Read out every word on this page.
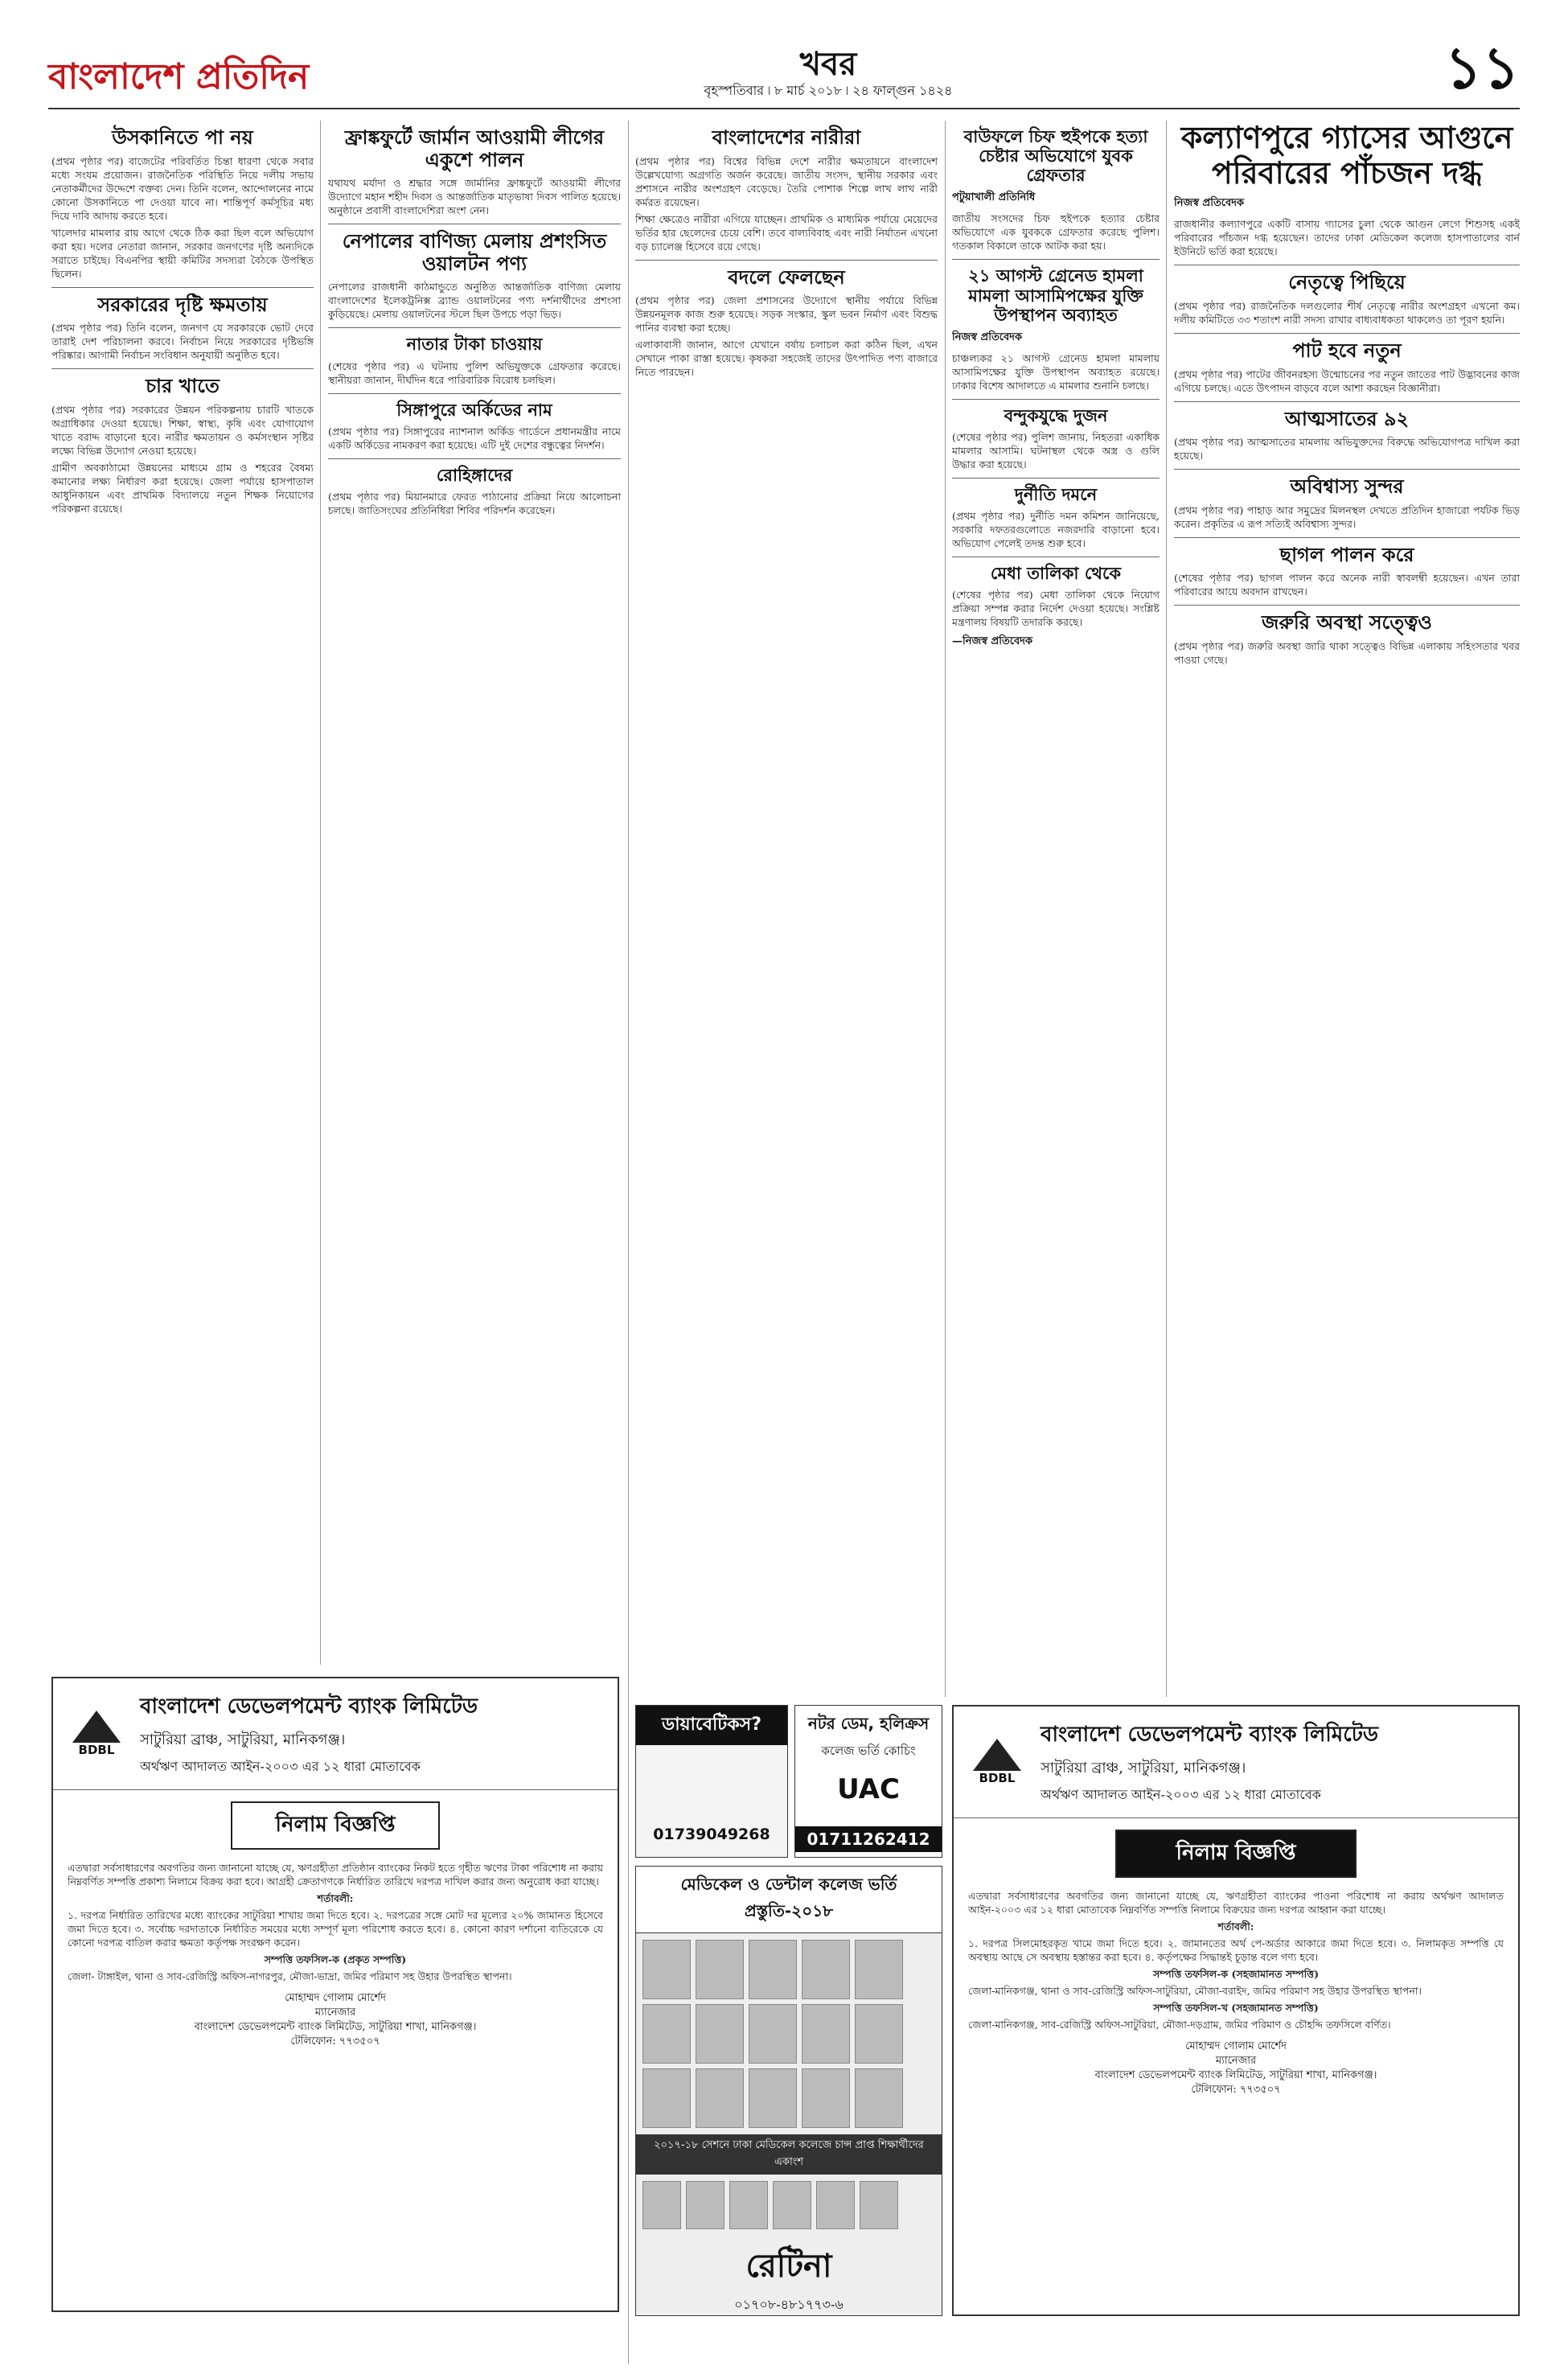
বাংলাদেশ প্রতিদিন	খবর
বৃহস্পতিবার ৷ ৮ মার্চ ২০১৮ ৷ ২৪ ফাল্গুন ১৪২৪	১১
উসকানিতে পা নয়

(প্রথম পৃষ্ঠার পর) বাজেটের পরিবর্তিত চিন্তা ধারণা থেকে সবার মধ্যে সংযম প্রয়োজন। রাজনৈতিক পরিস্থিতি নিয়ে দলীয় সভায় নেতাকর্মীদের উদ্দেশে বক্তব্য দেন। তিনি বলেন, আন্দোলনের নামে কোনো উসকানিতে পা দেওয়া যাবে না। শান্তিপূর্ণ কর্মসূচির মধ্য দিয়ে দাবি আদায় করতে হবে।

খালেদার মামলার রায় আগে থেকে ঠিক করা ছিল বলে অভিযোগ করা হয়। দলের নেতারা জানান, সরকার জনগণের দৃষ্টি অন্যদিকে সরাতে চাইছে। বিএনপির স্থায়ী কমিটির সদস্যরা বৈঠকে উপস্থিত ছিলেন।

সরকারের দৃষ্টি ক্ষমতায়

(প্রথম পৃষ্ঠার পর) তিনি বলেন, জনগণ যে সরকারকে ভোট দেবে তারাই দেশ পরিচালনা করবে। নির্বাচন নিয়ে সরকারের দৃষ্টিভঙ্গি পরিষ্কার। আগামী নির্বাচন সংবিধান অনুযায়ী অনুষ্ঠিত হবে।

চার খাতে

(প্রথম পৃষ্ঠার পর) সরকারের উন্নয়ন পরিকল্পনায় চারটি খাতকে অগ্রাধিকার দেওয়া হয়েছে। শিক্ষা, স্বাস্থ্য, কৃষি এবং যোগাযোগ খাতে বরাদ্দ বাড়ানো হবে। নারীর ক্ষমতায়ন ও কর্মসংস্থান সৃষ্টির লক্ষ্যে বিভিন্ন উদ্যোগ নেওয়া হয়েছে।

গ্রামীণ অবকাঠামো উন্নয়নের মাধ্যমে গ্রাম ও শহরের বৈষম্য কমানোর লক্ষ্য নির্ধারণ করা হয়েছে। জেলা পর্যায়ে হাসপাতাল আধুনিকায়ন এবং প্রাথমিক বিদ্যালয়ে নতুন শিক্ষক নিয়োগের পরিকল্পনা রয়েছে।

ফ্রাঙ্কফুর্টে জার্মান আওয়ামী লীগের একুশে পালন

যথাযথ মর্যাদা ও শ্রদ্ধার সঙ্গে জার্মানির ফ্রাঙ্কফুর্টে আওয়ামী লীগের উদ্যোগে মহান শহীদ দিবস ও আন্তর্জাতিক মাতৃভাষা দিবস পালিত হয়েছে। অনুষ্ঠানে প্রবাসী বাংলাদেশিরা অংশ নেন।

নেপালের বাণিজ্য মেলায় প্রশংসিত ওয়ালটন পণ্য

নেপালের রাজধানী কাঠমান্ডুতে অনুষ্ঠিত আন্তর্জাতিক বাণিজ্য মেলায় বাংলাদেশের ইলেকট্রনিক্স ব্র্যান্ড ওয়ালটনের পণ্য দর্শনার্থীদের প্রশংসা কুড়িয়েছে। মেলায় ওয়ালটনের স্টলে ছিল উপচে পড়া ভিড়।

নাতার টাকা চাওয়ায়

(শেষের পৃষ্ঠার পর) এ ঘটনায় পুলিশ অভিযুক্তকে গ্রেফতার করেছে। স্থানীয়রা জানান, দীর্ঘদিন ধরে পারিবারিক বিরোধ চলছিল।

সিঙ্গাপুরে অর্কিডের নাম

(প্রথম পৃষ্ঠার পর) সিঙ্গাপুরের ন্যাশনাল অর্কিড গার্ডেনে প্রধানমন্ত্রীর নামে একটি অর্কিডের নামকরণ করা হয়েছে। এটি দুই দেশের বন্ধুত্বের নিদর্শন।

রোহিঙ্গাদের

(প্রথম পৃষ্ঠার পর) মিয়ানমারে ফেরত পাঠানোর প্রক্রিয়া নিয়ে আলোচনা চলছে। জাতিসংঘের প্রতিনিধিরা শিবির পরিদর্শন করেছেন।

বাংলাদেশের নারীরা

(প্রথম পৃষ্ঠার পর) বিশ্বের বিভিন্ন দেশে নারীর ক্ষমতায়নে বাংলাদেশ উল্লেখযোগ্য অগ্রগতি অর্জন করেছে। জাতীয় সংসদ, স্থানীয় সরকার এবং প্রশাসনে নারীর অংশগ্রহণ বেড়েছে। তৈরি পোশাক শিল্পে লাখ লাখ নারী কর্মরত রয়েছেন।

শিক্ষা ক্ষেত্রেও নারীরা এগিয়ে যাচ্ছেন। প্রাথমিক ও মাধ্যমিক পর্যায়ে মেয়েদের ভর্তির হার ছেলেদের চেয়ে বেশি। তবে বাল্যবিবাহ এবং নারী নির্যাতন এখনো বড় চ্যালেঞ্জ হিসেবে রয়ে গেছে।

বদলে ফেলছেন

(প্রথম পৃষ্ঠার পর) জেলা প্রশাসনের উদ্যোগে স্থানীয় পর্যায়ে বিভিন্ন উন্নয়নমূলক কাজ শুরু হয়েছে। সড়ক সংস্কার, স্কুল ভবন নির্মাণ এবং বিশুদ্ধ পানির ব্যবস্থা করা হচ্ছে।

এলাকাবাসী জানান, আগে যেখানে বর্ষায় চলাচল করা কঠিন ছিল, এখন সেখানে পাকা রাস্তা হয়েছে। কৃষকরা সহজেই তাদের উৎপাদিত পণ্য বাজারে নিতে পারছেন।

বাউফলে চিফ হুইপকে হত্যা চেষ্টার অভিযোগে যুবক গ্রেফতার
পটুয়াখালী প্রতিনিধি

জাতীয় সংসদের চিফ হুইপকে হত্যার চেষ্টার অভিযোগে এক যুবককে গ্রেফতার করেছে পুলিশ। গতকাল বিকালে তাকে আটক করা হয়।

২১ আগস্ট গ্রেনেড হামলা মামলা আসামিপক্ষের যুক্তি উপস্থাপন অব্যাহত
নিজস্ব প্রতিবেদক

চাঞ্চল্যকর ২১ আগস্ট গ্রেনেড হামলা মামলায় আসামিপক্ষের যুক্তি উপস্থাপন অব্যাহত রয়েছে। ঢাকার বিশেষ আদালতে এ মামলার শুনানি চলছে।

বন্দুকযুদ্ধে দুজন

(শেষের পৃষ্ঠার পর) পুলিশ জানায়, নিহতরা একাধিক মামলার আসামি। ঘটনাস্থল থেকে অস্ত্র ও গুলি উদ্ধার করা হয়েছে।

দুর্নীতি দমনে

(প্রথম পৃষ্ঠার পর) দুর্নীতি দমন কমিশন জানিয়েছে, সরকারি দফতরগুলোতে নজরদারি বাড়ানো হবে। অভিযোগ পেলেই তদন্ত শুরু হবে।

মেধা তালিকা থেকে

(শেষের পৃষ্ঠার পর) মেধা তালিকা থেকে নিয়োগ প্রক্রিয়া সম্পন্ন করার নির্দেশ দেওয়া হয়েছে। সংশ্লিষ্ট মন্ত্রণালয় বিষয়টি তদারকি করছে।

—নিজস্ব প্রতিবেদক
কল্যাণপুরে গ্যাসের আগুনে পরিবারের পাঁচজন দগ্ধ
নিজস্ব প্রতিবেদক

রাজধানীর কল্যাণপুরে একটি বাসায় গ্যাসের চুলা থেকে আগুন লেগে শিশুসহ একই পরিবারের পাঁচজন দগ্ধ হয়েছেন। তাদের ঢাকা মেডিকেল কলেজ হাসপাতালের বার্ন ইউনিটে ভর্তি করা হয়েছে।

নেতৃত্বে পিছিয়ে

(প্রথম পৃষ্ঠার পর) রাজনৈতিক দলগুলোর শীর্ষ নেতৃত্বে নারীর অংশগ্রহণ এখনো কম। দলীয় কমিটিতে ৩৩ শতাংশ নারী সদস্য রাখার বাধ্যবাধকতা থাকলেও তা পূরণ হয়নি।

পাট হবে নতুন

(প্রথম পৃষ্ঠার পর) পাটের জীবনরহস্য উন্মোচনের পর নতুন জাতের পাট উদ্ভাবনের কাজ এগিয়ে চলছে। এতে উৎপাদন বাড়বে বলে আশা করছেন বিজ্ঞানীরা।

আত্মসাতের ৯২

(প্রথম পৃষ্ঠার পর) আত্মসাতের মামলায় অভিযুক্তদের বিরুদ্ধে অভিযোগপত্র দাখিল করা হয়েছে।

অবিশ্বাস্য সুন্দর

(প্রথম পৃষ্ঠার পর) পাহাড় আর সমুদ্রের মিলনস্থল দেখতে প্রতিদিন হাজারো পর্যটক ভিড় করেন। প্রকৃতির এ রূপ সত্যিই অবিশ্বাস্য সুন্দর।

ছাগল পালন করে

(শেষের পৃষ্ঠার পর) ছাগল পালন করে অনেক নারী স্বাবলম্বী হয়েছেন। এখন তারা পরিবারের আয়ে অবদান রাখছেন।

জরুরি অবস্থা সত্ত্বেও

(প্রথম পৃষ্ঠার পর) জরুরি অবস্থা জারি থাকা সত্ত্বেও বিভিন্ন এলাকায় সহিংসতার খবর পাওয়া গেছে।

BDBL
বাংলাদেশ ডেভেলপমেন্ট ব্যাংক লিমিটেড
সাটুরিয়া ব্রাঞ্চ, সাটুরিয়া, মানিকগঞ্জ।
অর্থঋণ আদালত আইন-২০০৩ এর ১২ ধারা মোতাবেক
নিলাম বিজ্ঞপ্তি

এতদ্বারা সর্বসাধারণের অবগতির জন্য জানানো যাচ্ছে যে, ঋণগ্রহীতা প্রতিষ্ঠান ব্যাংকের নিকট হতে গৃহীত ঋণের টাকা পরিশোধ না করায় নিম্নবর্ণিত সম্পত্তি প্রকাশ্য নিলামে বিক্রয় করা হবে। আগ্রহী ক্রেতাগণকে নির্ধারিত তারিখে দরপত্র দাখিল করার জন্য অনুরোধ করা যাচ্ছে।

শর্তাবলী:

১. দরপত্র নির্ধারিত তারিখের মধ্যে ব্যাংকের সাটুরিয়া শাখায় জমা দিতে হবে। ২. দরপত্রের সঙ্গে মোট দর মূল্যের ২০% জামানত হিসেবে জমা দিতে হবে। ৩. সর্বোচ্চ দরদাতাকে নির্ধারিত সময়ের মধ্যে সম্পূর্ণ মূল্য পরিশোধ করতে হবে। ৪. কোনো কারণ দর্শানো ব্যতিরেকে যে কোনো দরপত্র বাতিল করার ক্ষমতা কর্তৃপক্ষ সংরক্ষণ করেন।

সম্পত্তি তফসিল-ক (প্রকৃত সম্পত্তি)

জেলা- টাঙ্গাইল, থানা ও সাব-রেজিস্ট্রি অফিস-নাগরপুর, মৌজা-ভাদ্রা, জমির পরিমাণ সহ উহার উপরস্থিত স্থাপনা।

মোহাম্মদ গোলাম মোর্শেদ
ম্যানেজার
বাংলাদেশ ডেভেলপমেন্ট ব্যাংক লিমিটেড, সাটুরিয়া শাখা, মানিকগঞ্জ।
টেলিফোন: ৭৭৩৫০৭
ডায়াবেটিকস?
01739049268
নটর ডেম, হলিক্রস
কলেজ ভর্তি কোচিং
UAC
01711262412
মেডিকেল ও ডেন্টাল কলেজ ভর্তি প্রস্তুতি-২০১৮
২০১৭-১৮ সেশনে ঢাকা মেডিকেল কলেজে চান্স প্রাপ্ত শিক্ষার্থীদের একাংশ
রেটিনা
০১৭০৮-৪৮১৭৭৩-৬
BDBL
বাংলাদেশ ডেভেলপমেন্ট ব্যাংক লিমিটেড
সাটুরিয়া ব্রাঞ্চ, সাটুরিয়া, মানিকগঞ্জ।
অর্থঋণ আদালত আইন-২০০৩ এর ১২ ধারা মোতাবেক
নিলাম বিজ্ঞপ্তি

এতদ্বারা সর্বসাধারণের অবগতির জন্য জানানো যাচ্ছে যে, ঋণগ্রহীতা ব্যাংকের পাওনা পরিশোধ না করায় অর্থঋণ আদালত আইন-২০০৩ এর ১২ ধারা মোতাবেক নিম্নবর্ণিত সম্পত্তি নিলামে বিক্রয়ের জন্য দরপত্র আহ্বান করা যাচ্ছে।

শর্তাবলী:

১. দরপত্র সিলমোহরকৃত খামে জমা দিতে হবে। ২. জামানতের অর্থ পে-অর্ডার আকারে জমা দিতে হবে। ৩. নিলামকৃত সম্পত্তি যে অবস্থায় আছে সে অবস্থায় হস্তান্তর করা হবে। ৪. কর্তৃপক্ষের সিদ্ধান্তই চূড়ান্ত বলে গণ্য হবে।

সম্পত্তি তফসিল-ক (সহজামানত সম্পত্তি)

জেলা-মানিকগঞ্জ, থানা ও সাব-রেজিস্ট্রি অফিস-সাটুরিয়া, মৌজা-বরাইদ, জমির পরিমাণ সহ উহার উপরস্থিত স্থাপনা।

সম্পত্তি তফসিল-খ (সহজামানত সম্পত্তি)

জেলা-মানিকগঞ্জ, সাব-রেজিস্ট্রি অফিস-সাটুরিয়া, মৌজা-দড়গ্রাম, জমির পরিমাণ ও চৌহদ্দি তফসিলে বর্ণিত।

মোহাম্মদ গোলাম মোর্শেদ
ম্যানেজার
বাংলাদেশ ডেভেলপমেন্ট ব্যাংক লিমিটেড, সাটুরিয়া শাখা, মানিকগঞ্জ।
টেলিফোন: ৭৭৩৫০৭
